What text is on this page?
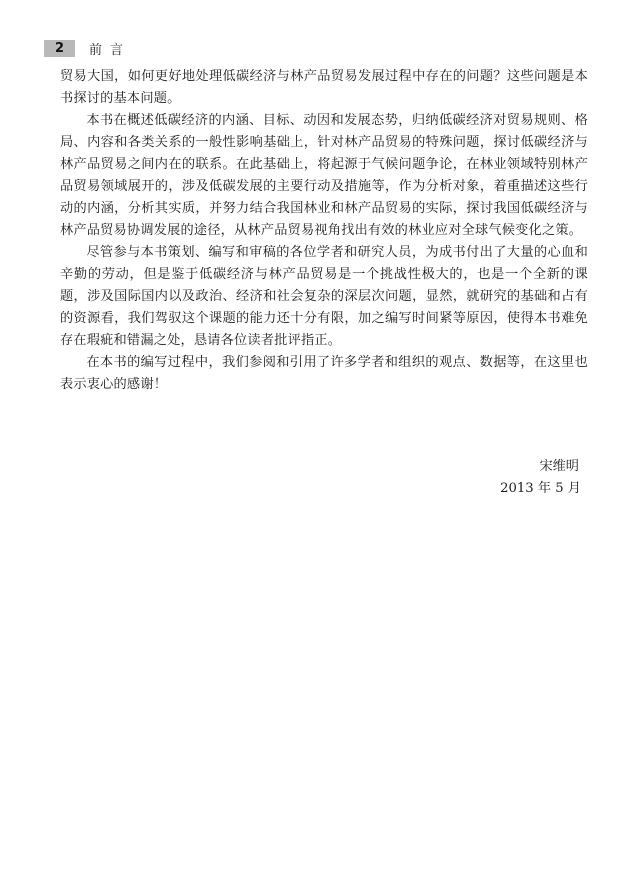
2	前言

贸易大国，如何更好地处理低碳经济与林产品贸易发展过程中存在的问题？这些问题是本书探讨的基本问题。

本书在概述低碳经济的内涵、目标、动因和发展态势，归纳低碳经济对贸易规则、格局、内容和各类关系的一般性影响基础上，针对林产品贸易的特殊问题，探讨低碳经济与林产品贸易之间内在的联系。在此基础上，将起源于气候问题争论，在林业领域特别林产品贸易领域展开的，涉及低碳发展的主要行动及措施等，作为分析对象，着重描述这些行动的内涵，分析其实质，并努力结合我国林业和林产品贸易的实际，探讨我国低碳经济与林产品贸易协调发展的途径，从林产品贸易视角找出有效的林业应对全球气候变化之策。

尽管参与本书策划、编写和审稿的各位学者和研究人员，为成书付出了大量的心血和辛勤的劳动，但是鉴于低碳经济与林产品贸易是一个挑战性极大的，也是一个全新的课题，涉及国际国内以及政治、经济和社会复杂的深层次问题，显然，就研究的基础和占有的资源看，我们驾驭这个课题的能力还十分有限，加之编写时间紧等原因，使得本书难免存在瑕疵和错漏之处，恳请各位读者批评指正。

在本书的编写过程中，我们参阅和引用了许多学者和组织的观点、数据等，在这里也表示衷心的感谢！

宋维明
2013 年 5 月
